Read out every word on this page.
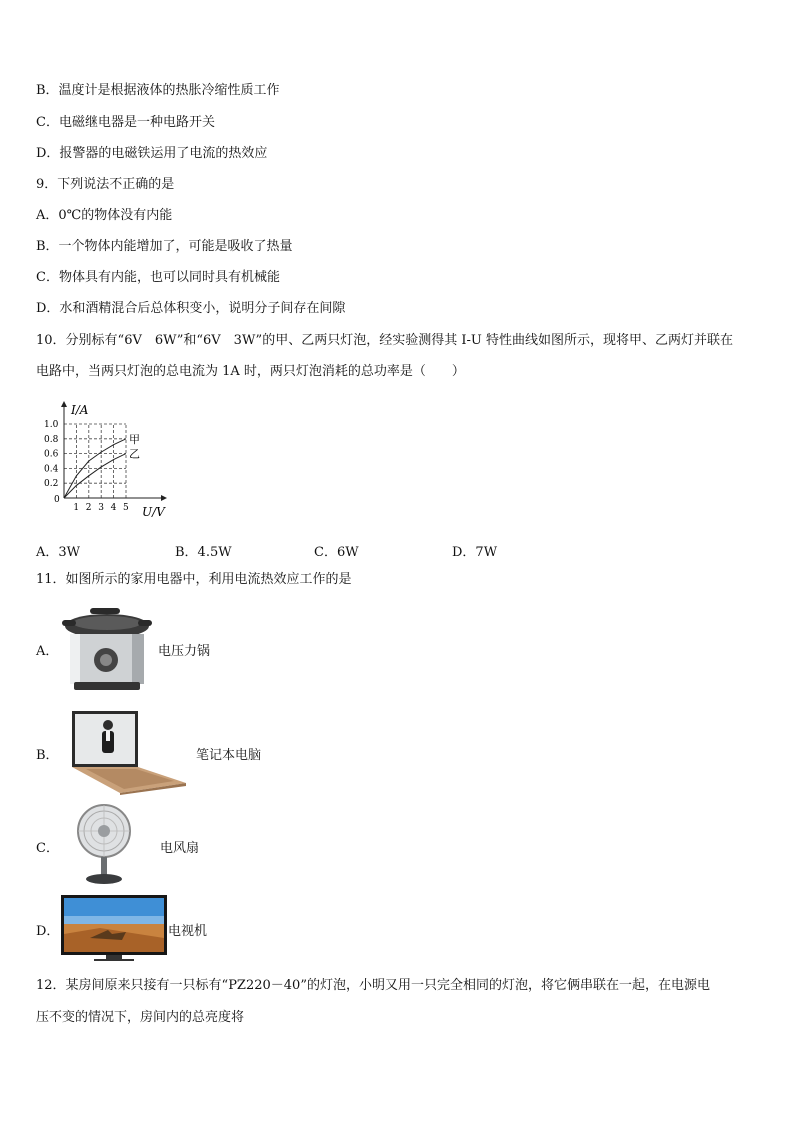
B．温度计是根据液体的热胀冷缩性质工作
C．电磁继电器是一种电路开关
D．报警器的电磁铁运用了电流的热效应
9．下列说法不正确的是
A．0℃的物体没有内能
B．一个物体内能增加了，可能是吸收了热量
C．物体具有内能，也可以同时具有机械能
D．水和酒精混合后总体积变小，说明分子间存在间隙
10．分别标有“6V　6W”和“6V　3W”的甲、乙两只灯泡，经实验测得其 I-U 特性曲线如图所示，现将甲、乙两灯并联在
电路中，当两只灯泡的总电流为 1A 时，两只灯泡消耗的总功率是（　　）
I/A
U/V
0
1 2 3 4 5
0.2
0.4
0.6
0.8
1.0
甲
乙
A．3W	B．4.5W	C．6W	D．7W
11．如图所示的家用电器中，利用电流热效应工作的是
A．	电压力锅
B．	笔记本电脑
C．	电风扇
D．	电视机
12．某房间原来只接有一只标有“PZ220－40”的灯泡，小明又用一只完全相同的灯泡，将它俩串联在一起，在电源电
压不变的情况下，房间内的总亮度将
